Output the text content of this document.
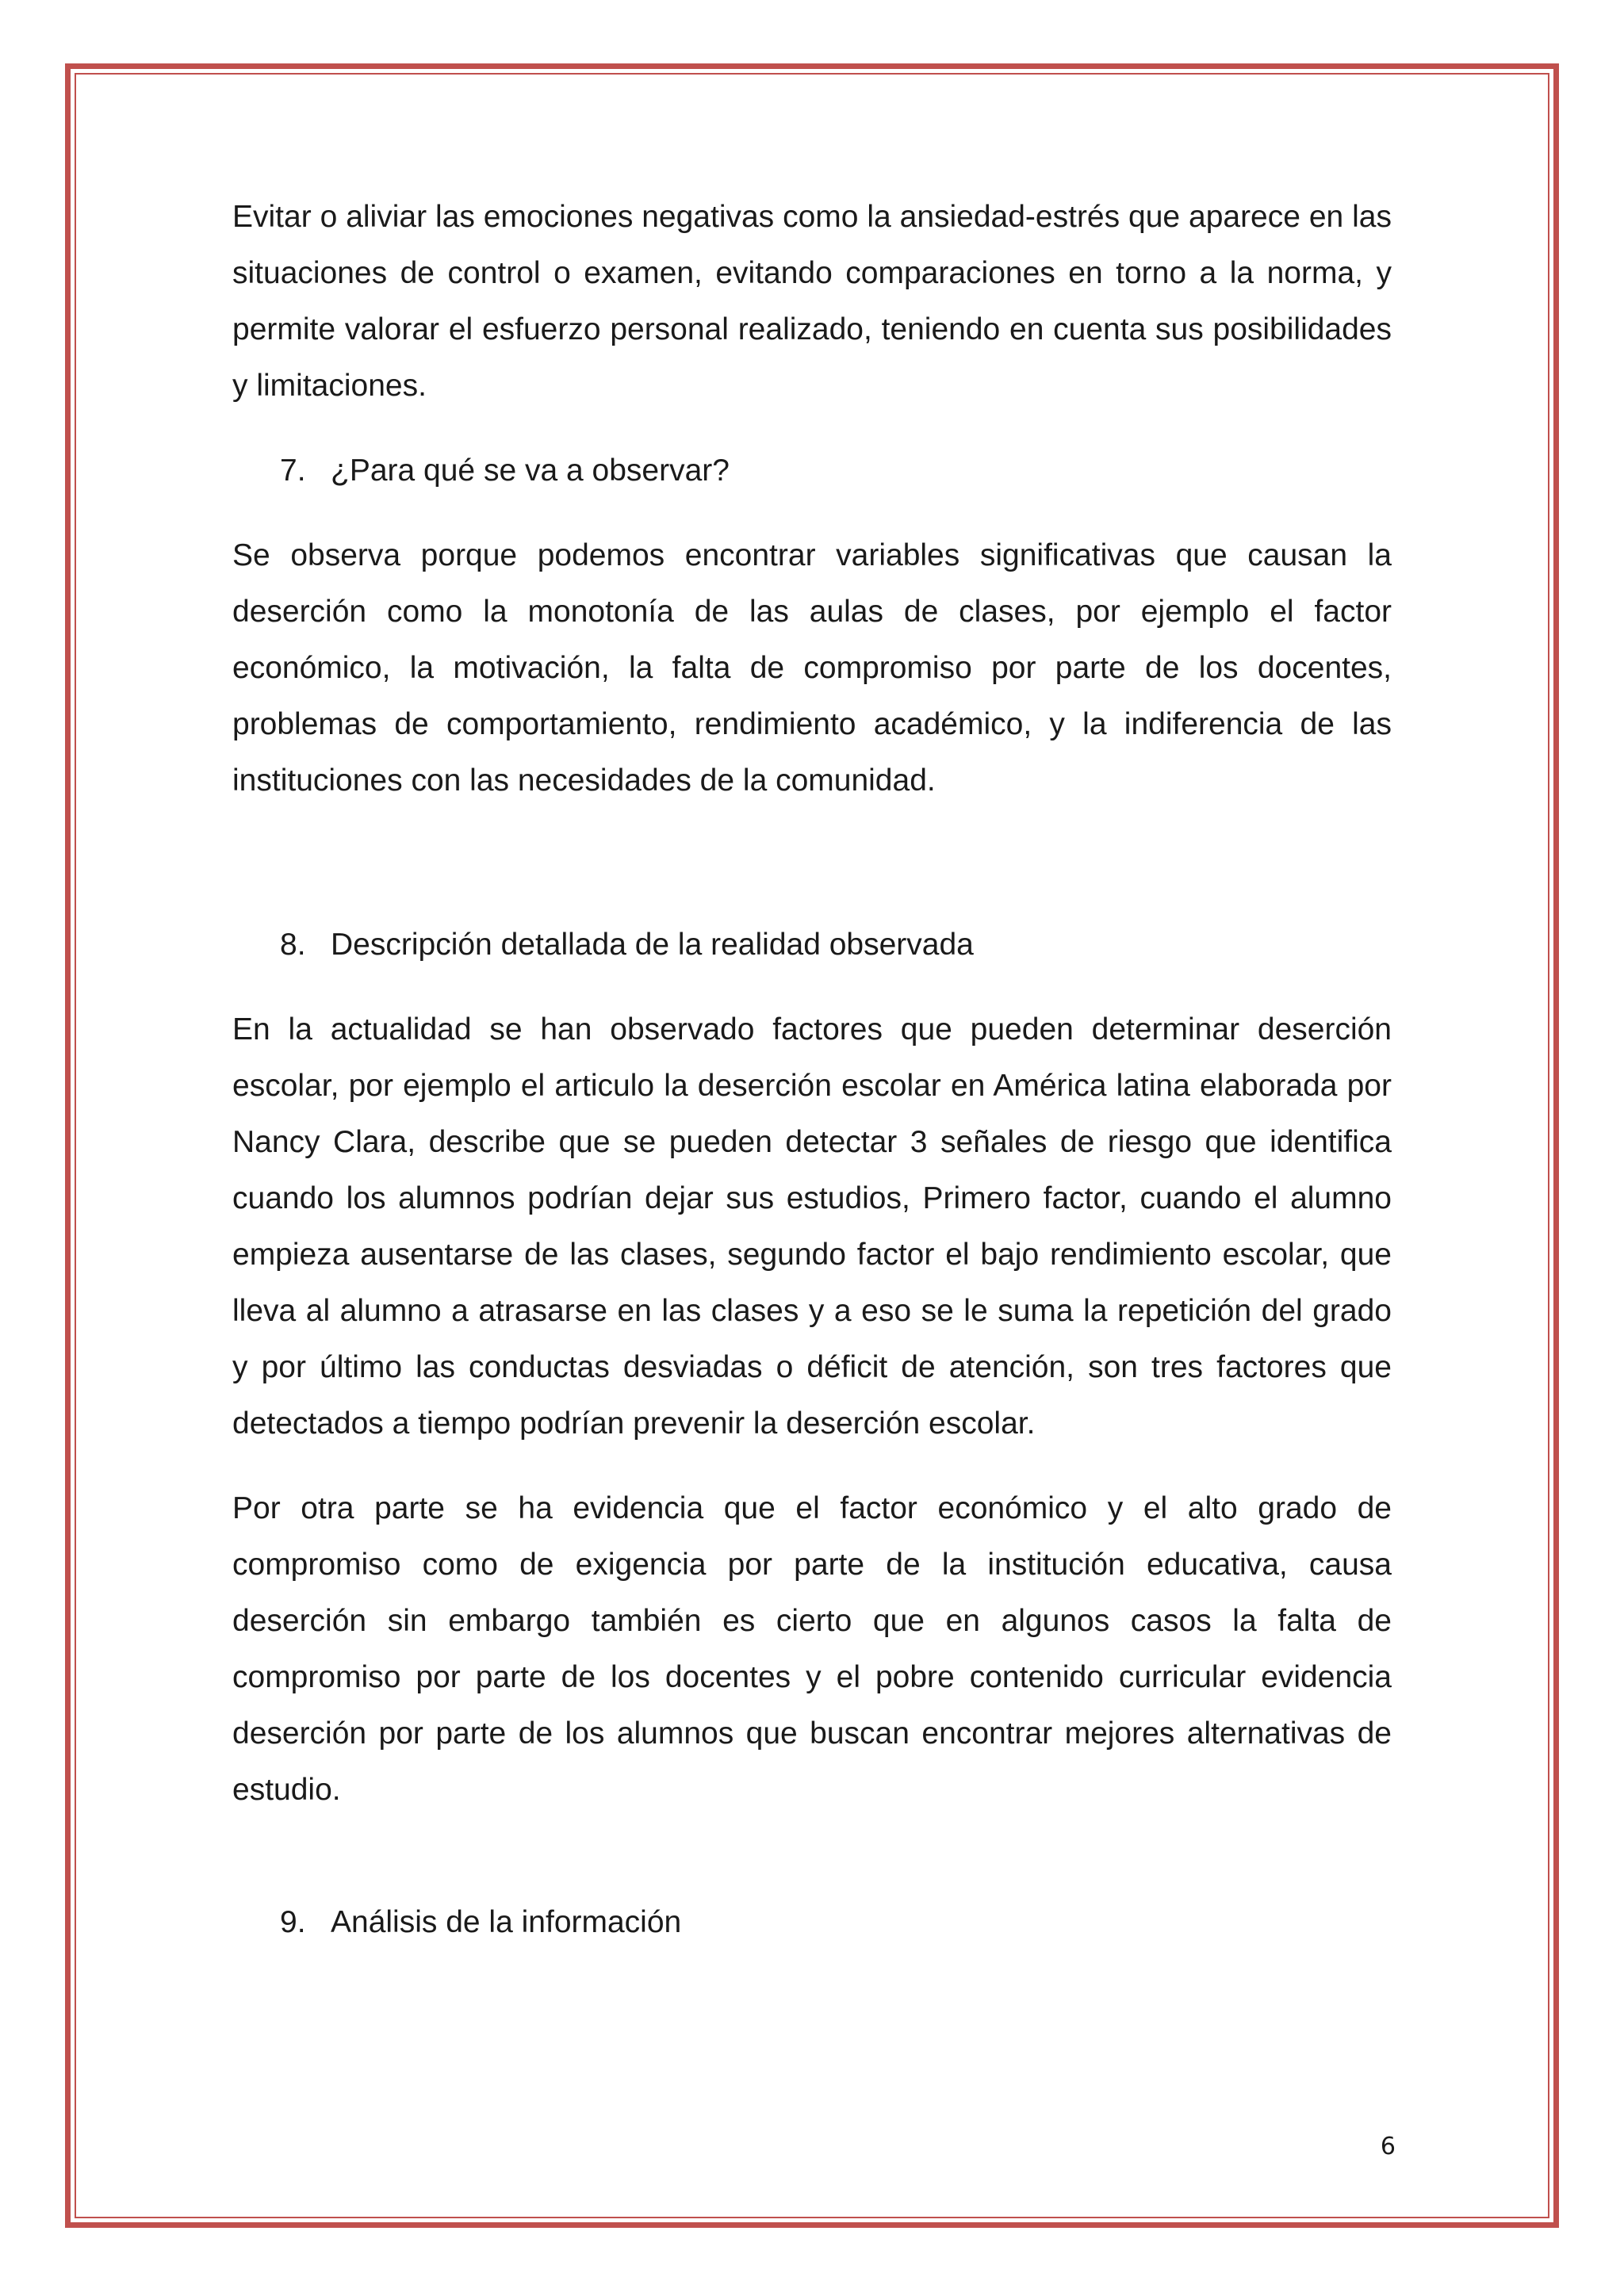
Evitar o aliviar las emociones negativas como la ansiedad-estrés que aparece en las situaciones de control o examen, evitando comparaciones en torno a la norma, y permite valorar el esfuerzo personal realizado, teniendo en cuenta sus posibilidades y limitaciones.

7. ¿Para qué se va a observar?

Se observa porque podemos encontrar variables significativas que causan la deserción como la monotonía de las aulas de clases, por ejemplo el factor económico, la motivación, la falta de compromiso por parte de los docentes, problemas de comportamiento, rendimiento académico, y la indiferencia de las instituciones con las necesidades de la comunidad.

8. Descripción detallada de la realidad observada

En la actualidad se han observado factores que pueden determinar deserción escolar, por ejemplo el articulo la deserción escolar en América latina elaborada por Nancy Clara, describe que se pueden detectar 3 señales de riesgo que identifica cuando los alumnos podrían dejar sus estudios, Primero factor, cuando el alumno empieza ausentarse de las clases, segundo factor el bajo rendimiento escolar, que lleva al alumno a atrasarse en las clases y a eso se le suma la repetición del grado y por último las conductas desviadas o déficit de atención, son tres factores que detectados a tiempo podrían prevenir la deserción escolar.

Por otra parte se ha evidencia que el factor económico y el alto grado de compromiso como de exigencia por parte de la institución educativa, causa deserción sin embargo también es cierto que en algunos casos la falta de compromiso por parte de los docentes y el pobre contenido curricular evidencia deserción por parte de los alumnos que buscan encontrar mejores alternativas de estudio.

9. Análisis de la información
6
